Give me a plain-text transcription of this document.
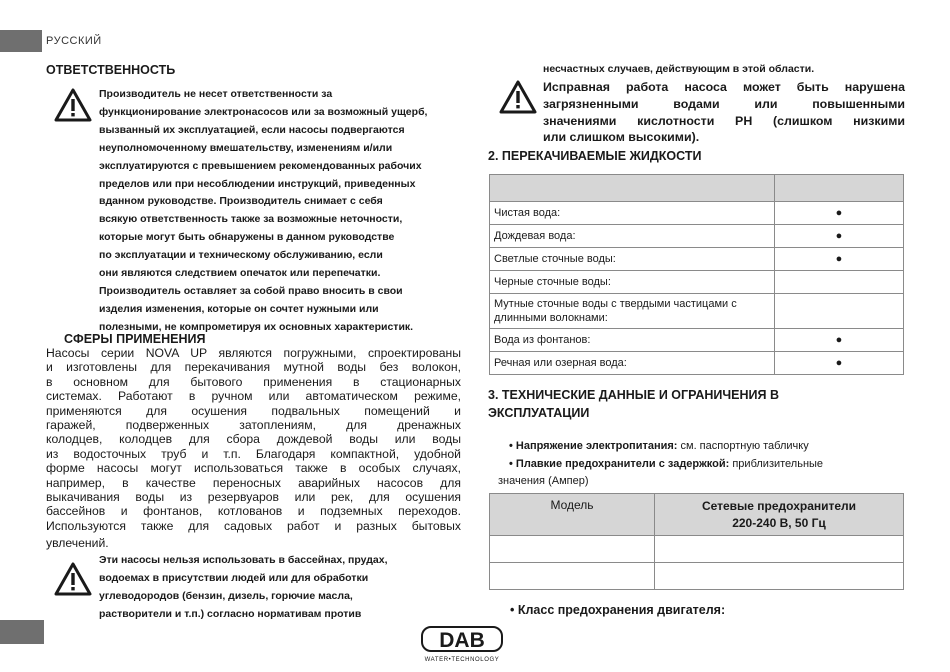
РУССКИЙ
ОТВЕТСТВЕННОСТЬ
Производитель не несет ответственности за
функционирование электронасосов или за возможный ущерб,
вызванный их эксплуатацией, если насосы подвергаются
неуполномоченному вмешательству, изменениям и/или
эксплуатируются с превышением рекомендованных рабочих
пределов или при несоблюдении инструкций, приведенных
вданном руководстве. Производитель снимает с себя
всякую ответственность также за возможные неточности,
которые могут быть обнаружены в данном руководстве
по эксплуатации и техническому обслуживанию, если
они являются следствием опечаток или перепечатки.
Производитель оставляет за собой право вносить в свои
изделия изменения, которые он сочтет нужными или
полезными, не компрометируя их основных характеристик.
СФЕРЫ ПРИМЕНЕНИЯ
Насосы серии NOVA UP являются погружными, спроектированы
и изготовлены для перекачивания мутной воды без волокон,
в основном для бытового применения в стационарных
системах. Работают в ручном или автоматическом режиме,
применяются для осушения подвальных помещений и
гаражей, подверженных затоплениям, для дренажных
колодцев, колодцев для сбора дождевой воды или воды
из водосточных труб и т.п. Благодаря компактной, удобной
форме насосы могут использоваться также в особых случаях,
например, в качестве переносных аварийных насосов для
выкачивания воды из резервуаров или рек, для осушения
бассейнов и фонтанов, котлованов и подземных переходов.
Используются также для садовых работ и разных бытовых
увлечений.
Эти насосы нельзя использовать в бассейнах, прудах,
водоемах в присутствии людей или для обработки
углеводородов (бензин, дизель, горючие масла,
растворители и т.п.) согласно нормативам против
несчастных случаев, действующим в этой области.
Исправная работа насоса может быть нарушена
загрязненными водами или повышенными
значениями кислотности PH (слишком низкими
или слишком высокими).
2. ПЕРЕКАЧИВАЕМЫЕ ЖИДКОСТИ

Чистая вода:	●
Дождевая вода:	●
Светлые сточные воды:	●
Черные сточные воды:	
Мутные сточные воды с твердыми частицами с длинными волокнами:	
Вода из фонтанов:	●
Речная или озерная вода:	●
3. ТЕХНИЧЕСКИЕ ДАННЫЕ И ОГРАНИЧЕНИЯ В
ЭКСПЛУАТАЦИИ
• Напряжение электропитания: см. паспортную табличку
• Плавкие предохранители с задержкой: приблизительные
значения (Ампер)
Модель	Сетевые предохранители
220-240 В, 50 Гц

• Класс предохранения двигателя:
DAB
WATER•TECHNOLOGY
